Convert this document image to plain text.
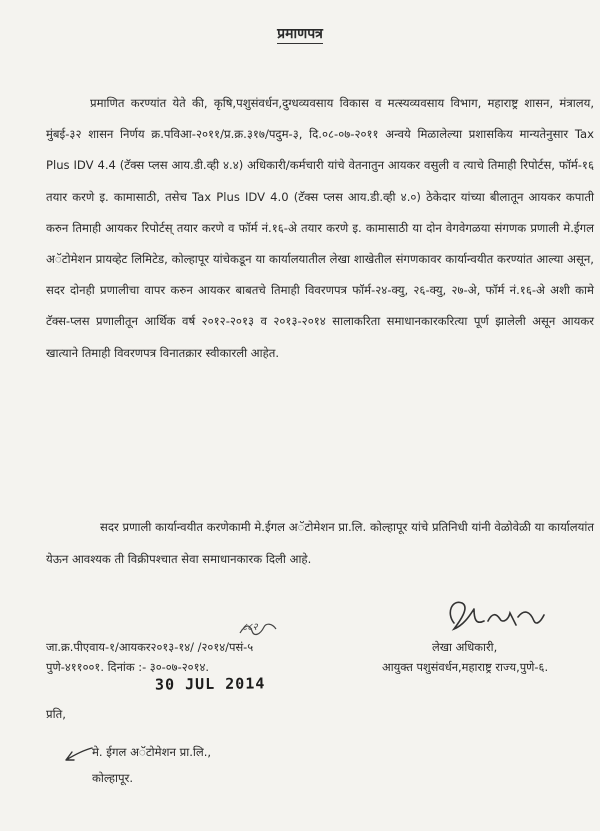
प्रमाणपत्र
प्रमाणित करण्यांत येते की, कृषि,पशुसंवर्धन,दुग्धव्यवसाय विकास व मत्स्यव्यवसाय विभाग, महाराष्ट्र शासन, मंत्रालय, मुंबई-३२ शासन निर्णय क्र.पविआ-२०११/प्र.क्र.३१७/पदुम-३, दि.०८-०७-२०११ अन्वये मिळालेल्या प्रशासकिय मान्यतेनुसार Tax Plus IDV 4.4 (टॅक्स प्लस आय.डी.व्ही ४.४) अधिकारी/कर्मचारी यांचे वेतनातुन आयकर वसुली व त्याचे तिमाही रिपोर्टस, फॉर्म-१६ तयार करणे इ. कामासाठी, तसेच Tax Plus IDV 4.0 (टॅक्स प्लस आय.डी.व्ही ४.०) ठेकेदार यांच्या बीलातून आयकर कपाती करुन तिमाही आयकर रिपोर्टस् तयार करणे व फॉर्म नं.१६-अे तयार करणे इ. कामासाठी या दोन वेगवेगळया संगणक प्रणाली मे.ईगल अॅटोमेशन प्रायव्हेट लिमिटेड, कोल्हापूर यांचेकडून या कार्यालयातील लेखा शाखेतील संगणकावर कार्यान्वयीत करण्यांत आल्या असून, सदर दोनही प्रणालीचा वापर करुन आयकर बाबतचे तिमाही विवरणपत्र फॉर्म-२४-क्यु, २६-क्यु, २७-अे, फॉर्म नं.१६-अे अशी कामे टॅक्स-प्लस प्रणालीतून आर्थिक वर्ष २०१२-२०१३ व २०१३-२०१४ सालाकरिता समाधानकारकरित्या पूर्ण झालेली असून आयकर खात्याने तिमाही विवरणपत्र विनातक्रार स्वीकारली आहेत.
सदर प्रणाली कार्यान्वयीत करणेकामी मे.ईगल अॅटोमेशन प्रा.लि. कोल्हापूर यांचे प्रतिनिधी यांनी वेळोवेळी या कार्यालयांत येऊन आवश्यक ती विक्रीपश्चात सेवा समाधानकारक दिली आहे.
जा.क्र.पीएवाय-१/आयकर२०१३-१४/ /२०१४/पसं-५
८८२
पुणे-४११००१. दिनांक :- ३०-०७-२०१४.
लेखा अधिकारी,
आयुक्त पशुसंवर्धन,महाराष्ट्र राज्य,पुणे-६.
30 JUL 2014
प्रति,
मे. ईगल अॅटोमेशन प्रा.लि.,
कोल्हापूर.
